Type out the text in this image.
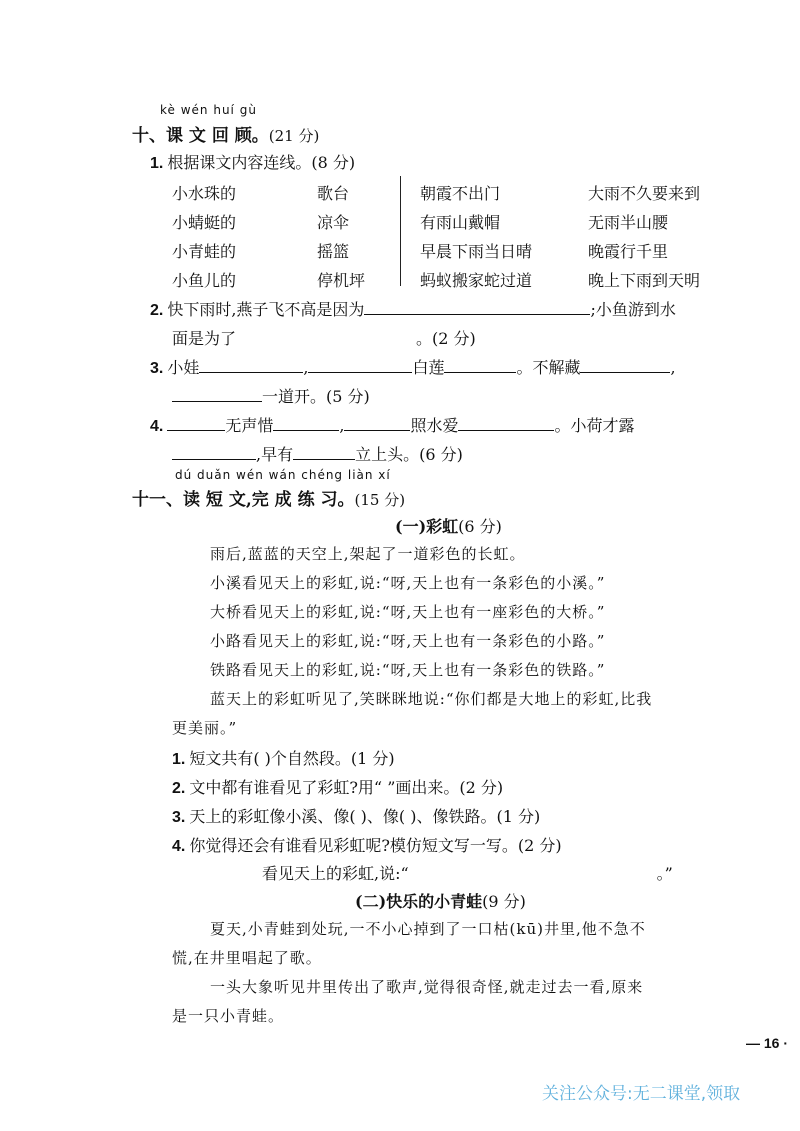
kè wén huí gù
十、课 文 回 顾。(21 分)
1. 根据课文内容连线。(8 分)
小水珠的	歌台
小蜻蜓的	凉伞
小青蛙的	摇篮
小鱼儿的	停机坪
朝霞不出门	大雨不久要来到
有雨山戴帽	无雨半山腰
早晨下雨当日晴	晚霞行千里
蚂蚁搬家蛇过道	晚上下雨到天明
2. 快下雨时,燕子飞不高是因为	;小鱼游到水
面是为了	。(2 分)
3. 小娃	,	白莲	。不解藏	,
一道开。(5 分)
4.	无声惜	,	照水爱	。小荷才露
,早有	立上头。(6 分)
dú duǎn wén wán chéng liàn xí
十一、读 短 文,完 成 练 习。(15 分)
(一)彩虹(6 分)
雨后,蓝蓝的天空上,架起了一道彩色的长虹。
小溪看见天上的彩虹,说:“呀,天上也有一条彩色的小溪。”
大桥看见天上的彩虹,说:“呀,天上也有一座彩色的大桥。”
小路看见天上的彩虹,说:“呀,天上也有一条彩色的小路。”
铁路看见天上的彩虹,说:“呀,天上也有一条彩色的铁路。”
蓝天上的彩虹听见了,笑眯眯地说:“你们都是大地上的彩虹,比我
更美丽。”
1. 短文共有( )个自然段。(1 分)
2. 文中都有谁看见了彩虹?用“ ”画出来。(2 分)
3. 天上的彩虹像小溪、像( )、像( )、像铁路。(1 分)
4. 你觉得还会有谁看见彩虹呢?模仿短文写一写。(2 分)
看见天上的彩虹,说:“	。”
(二)快乐的小青蛙(9 分)
夏天,小青蛙到处玩,一不小心掉到了一口枯(kū)井里,他不急不
慌,在井里唱起了歌。
一头大象听见井里传出了歌声,觉得很奇怪,就走过去一看,原来
是一只小青蛙。
— 16 ·
关注公众号:无二课堂,领取
